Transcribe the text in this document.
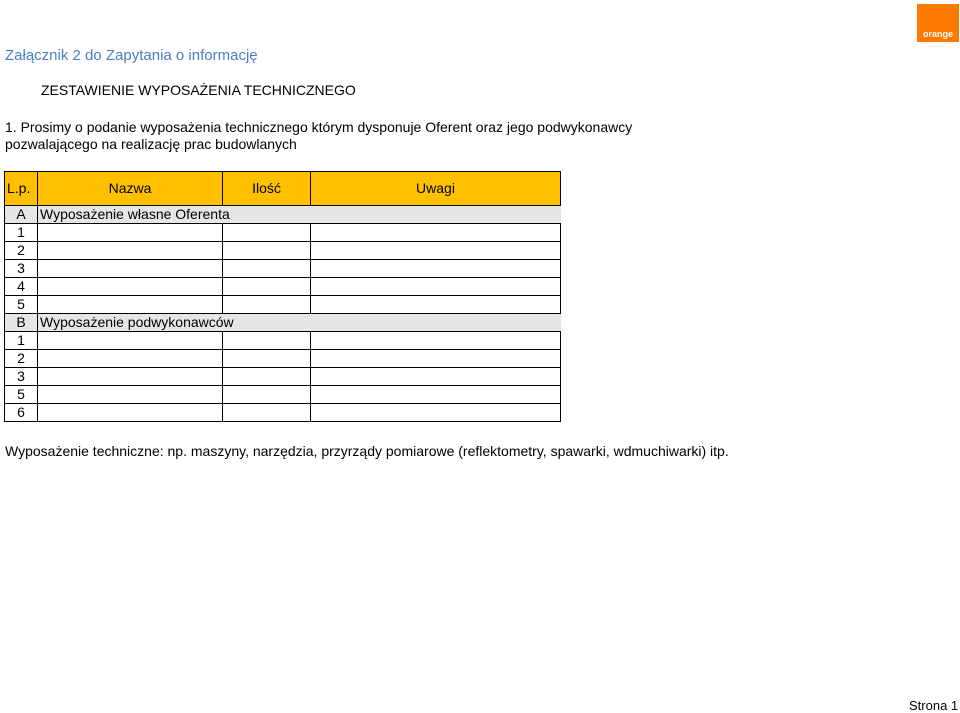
orange
Załącznik 2 do Zapytania o informację
ZESTAWIENIE WYPOSAŻENIA TECHNICZNEGO
1. Prosimy o podanie wyposażenia technicznego którym dysponuje Oferent oraz jego podwykonawcy pozwalającego na realizację prac budowlanych
L.p.	Nazwa	Ilość	Uwagi
A	Wyposażenie własne Oferenta		
1			
2			
3			
4			
5			
B	Wyposażenie podwykonawców		
1			
2			
3			
5			
6			
Wyposażenie techniczne: np. maszyny, narzędzia, przyrządy pomiarowe (reflektometry, spawarki, wdmuchiwarki) itp.
Strona 1
